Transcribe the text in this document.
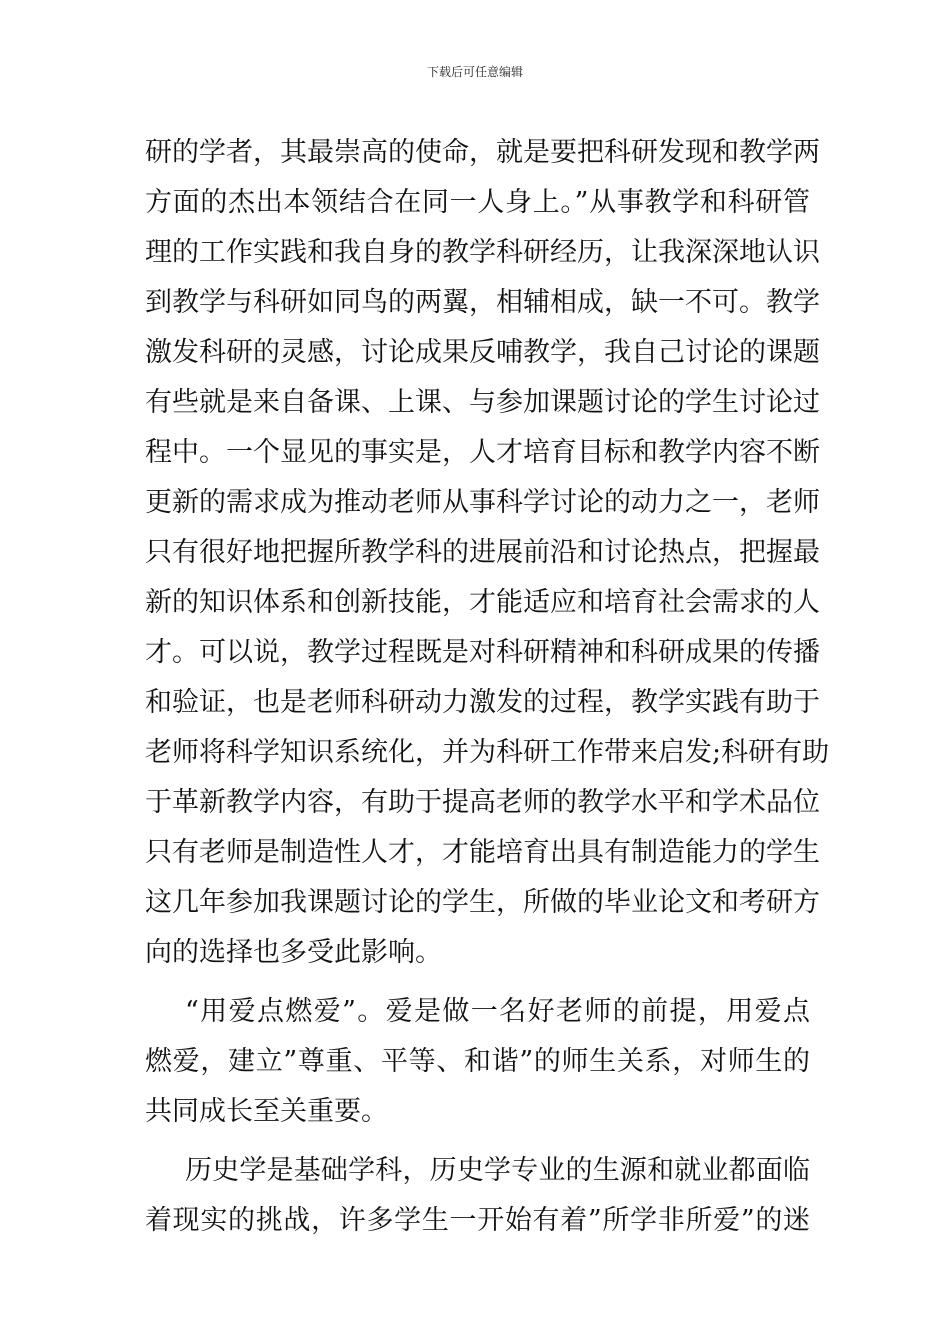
下载后可任意编辑
研的学者，其最崇高的使命，就是要把科研发现和教学两
方面的杰出本领结合在同一人身上。”从事教学和科研管
理的工作实践和我自身的教学科研经历，让我深深地认识
到教学与科研如同鸟的两翼，相辅相成，缺一不可。教学
激发科研的灵感，讨论成果反哺教学，我自己讨论的课题
有些就是来自备课、上课、与参加课题讨论的学生讨论过
程中。一个显见的事实是，人才培育目标和教学内容不断
更新的需求成为推动老师从事科学讨论的动力之一，老师
只有很好地把握所教学科的进展前沿和讨论热点，把握最
新的知识体系和创新技能，才能适应和培育社会需求的人
才。可以说，教学过程既是对科研精神和科研成果的传播
和验证，也是老师科研动力激发的过程，教学实践有助于
老师将科学知识系统化，并为科研工作带来启发;科研有助
于革新教学内容，有助于提高老师的教学水平和学术品位
只有老师是制造性人才，才能培育出具有制造能力的学生
这几年参加我课题讨论的学生，所做的毕业论文和考研方
向的选择也多受此影响。
“用爱点燃爱”。爱是做一名好老师的前提，用爱点
燃爱，建立”尊重、平等、和谐”的师生关系，对师生的
共同成长至关重要。
历史学是基础学科，历史学专业的生源和就业都面临
着现实的挑战，许多学生一开始有着”所学非所爱”的迷
